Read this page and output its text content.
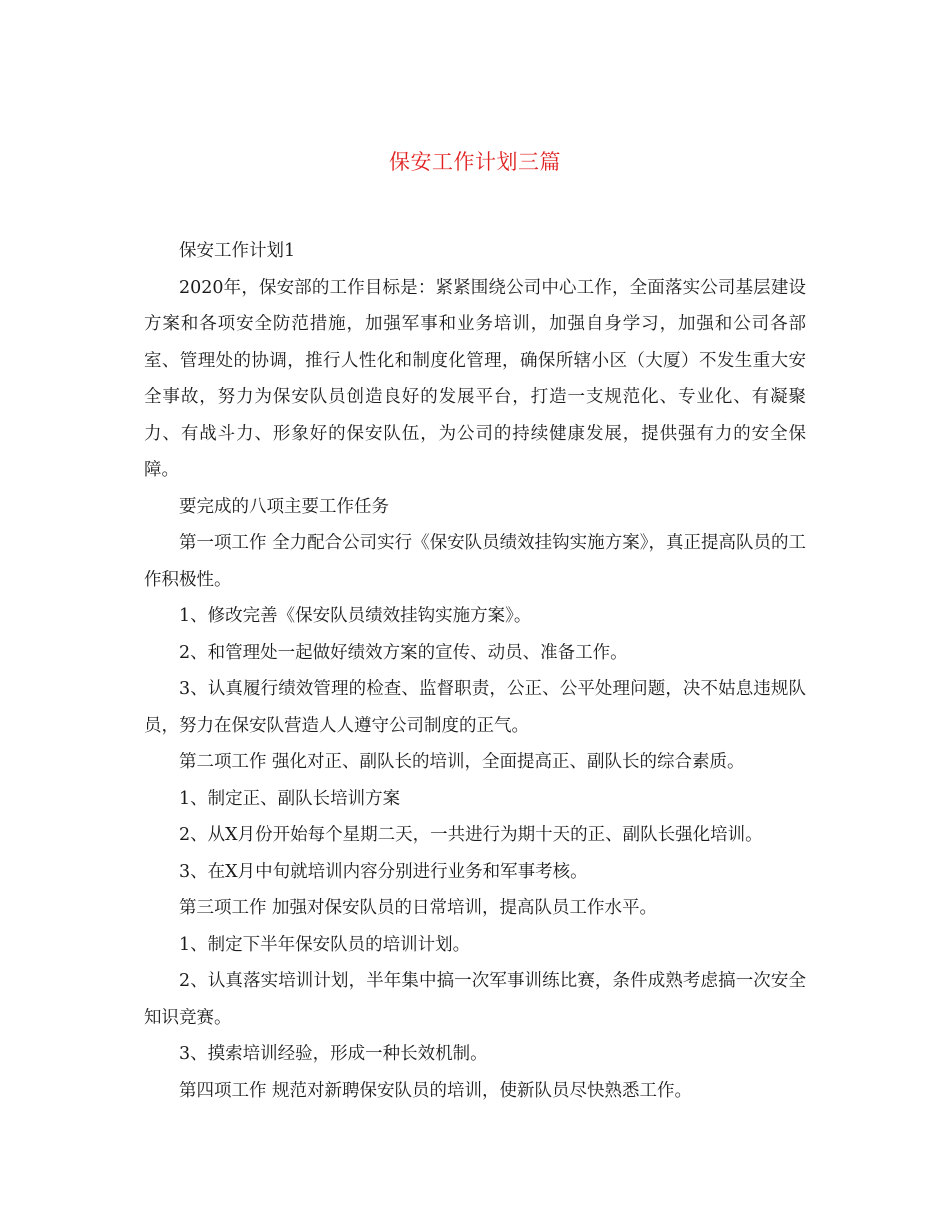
保安工作计划三篇

保安工作计划1

2020年，保安部的工作目标是：紧紧围绕公司中心工作，全面落实公司基层建设方案和各项安全防范措施，加强军事和业务培训，加强自身学习，加强和公司各部室、管理处的协调，推行人性化和制度化管理，确保所辖小区（大厦）不发生重大安全事故，努力为保安队员创造良好的发展平台，打造一支规范化、专业化、有凝聚力、有战斗力、形象好的保安队伍，为公司的持续健康发展，提供强有力的安全保障。

要完成的八项主要工作任务

第一项工作 全力配合公司实行《保安队员绩效挂钩实施方案》，真正提高队员的工作积极性。

1、修改完善《保安队员绩效挂钩实施方案》。

2、和管理处一起做好绩效方案的宣传、动员、准备工作。

3、认真履行绩效管理的检查、监督职责，公正、公平处理问题，决不姑息违规队员，努力在保安队营造人人遵守公司制度的正气。

第二项工作 强化对正、副队长的培训，全面提高正、副队长的综合素质。

1、制定正、副队长培训方案

2、从X月份开始每个星期二天，一共进行为期十天的正、副队长强化培训。

3、在X月中旬就培训内容分别进行业务和军事考核。

第三项工作 加强对保安队员的日常培训，提高队员工作水平。

1、制定下半年保安队员的培训计划。

2、认真落实培训计划，半年集中搞一次军事训练比赛，条件成熟考虑搞一次安全知识竞赛。

3、摸索培训经验，形成一种长效机制。

第四项工作 规范对新聘保安队员的培训，使新队员尽快熟悉工作。
